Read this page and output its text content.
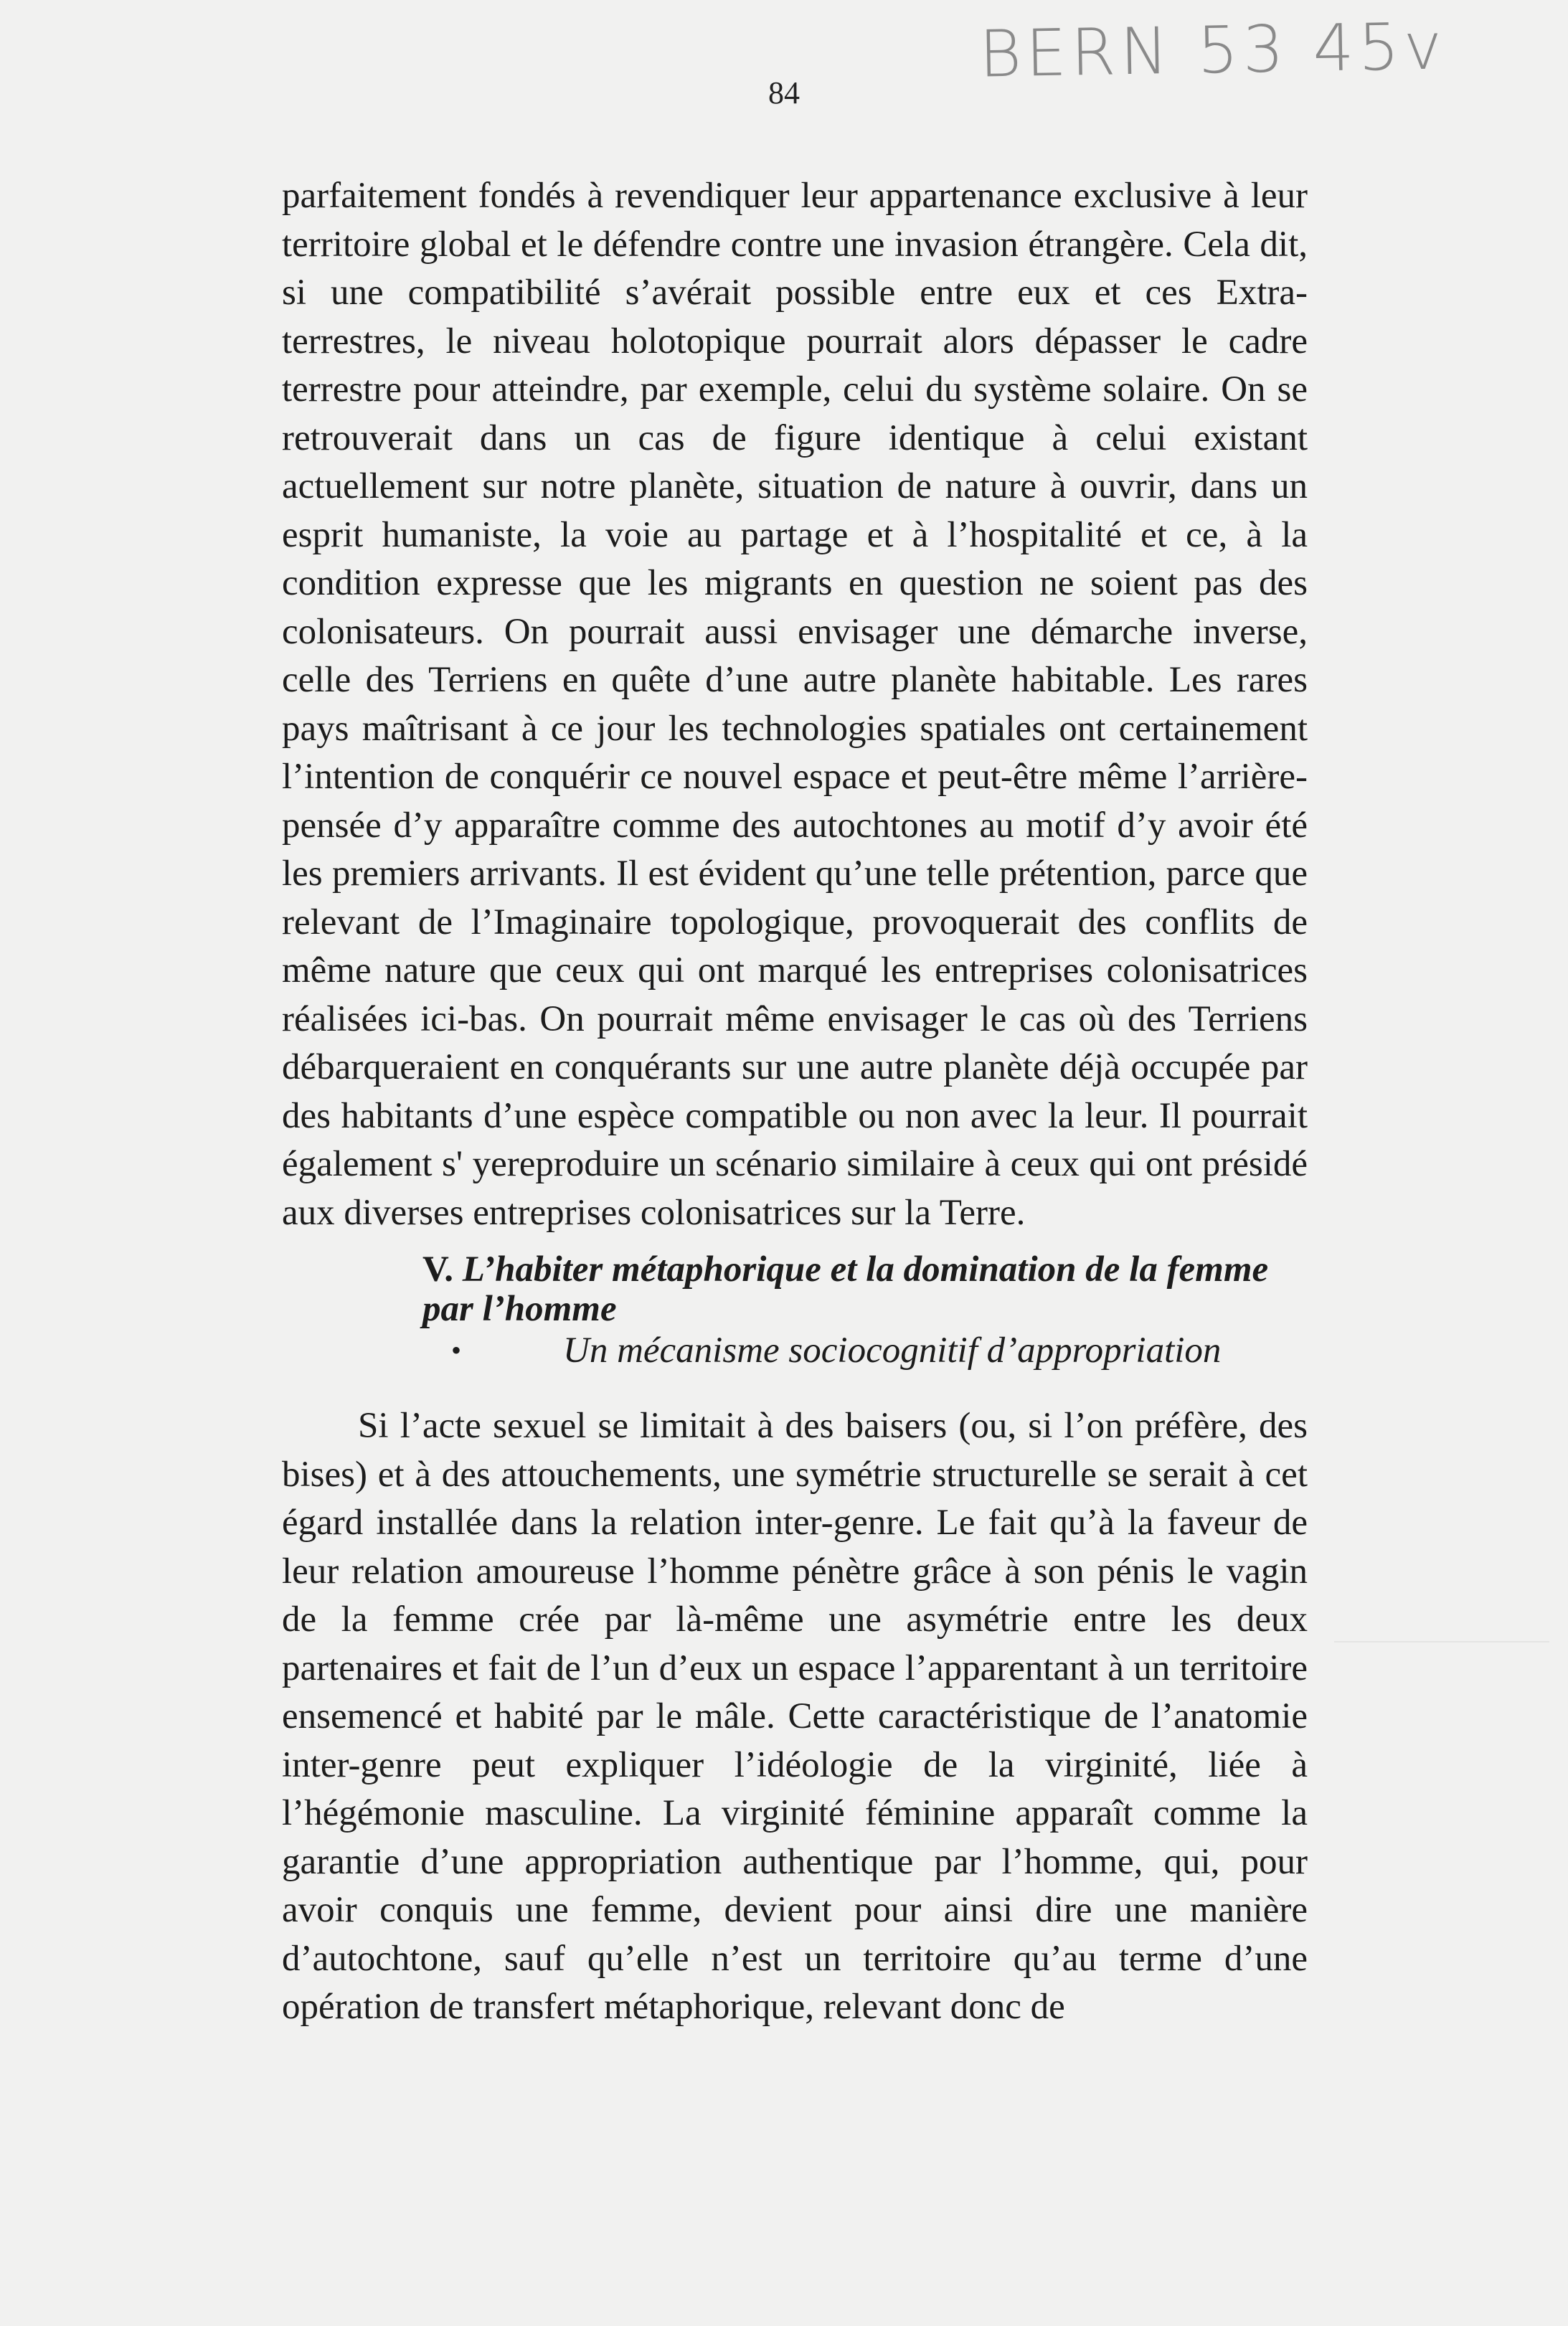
BERN 53 45v
84

parfaitement fondés à revendiquer leur appartenance exclusive à leur territoire global et le défendre contre une invasion étrangère. Cela dit, si une compatibilité s’avérait possible entre eux et ces Extra-terrestres, le niveau holotopique pourrait alors dépasser le cadre terrestre pour atteindre, par exemple, celui du système solaire. On se retrouverait dans un cas de figure identique à celui existant actuellement sur notre planète, situation de nature à ouvrir, dans un esprit humaniste, la voie au partage et à l’hospitalité et ce, à la condition expresse que les migrants en question ne soient pas des colonisateurs. On pourrait aussi envisager une démarche inverse, celle des Terriens en quête d’une autre planète habitable. Les rares pays maîtrisant à ce jour les technologies spatiales ont certainement l’intention de conquérir ce nouvel espace et peut-être même l’arrière-pensée d’y apparaître comme des autochtones au motif d’y avoir été les premiers arrivants. Il est évident qu’une telle prétention, parce que relevant de l’Imaginaire topologique, provoquerait des conflits de même nature que ceux qui ont marqué les entreprises colonisatrices réalisées ici-bas. On pourrait même envisager le cas où des Terriens débarqueraient en conquérants sur une autre planète déjà occupée par des habitants d’une espèce compatible ou non avec la leur. Il pourrait également s' yereproduire un scénario similaire à ceux qui ont présidé aux diverses entreprises colonisatrices sur la Terre.

V. L’habiter métaphorique et la domination de la femme
par l’homme
•	Un mécanisme sociocognitif d’appropriation

Si l’acte sexuel se limitait à des baisers (ou, si l’on préfère, des bises) et à des attouchements, une symétrie structurelle se serait à cet égard installée dans la relation inter-genre. Le fait qu’à la faveur de leur relation amoureuse l’homme pénètre grâce à son pénis le vagin de la femme crée par là-même une asymétrie entre les deux partenaires et fait de l’un d’eux un espace l’apparentant à un territoire ensemencé et habité par le mâle. Cette caractéristique de l’anatomie inter-genre peut expliquer l’idéologie de la virginité, liée à l’hégémonie masculine. La virginité féminine apparaît comme la garantie d’une appropriation authentique par l’homme, qui, pour avoir conquis une femme, devient pour ainsi dire une manière d’autochtone, sauf qu’elle n’est un territoire qu’au terme d’une opération de transfert métaphorique, relevant donc de
